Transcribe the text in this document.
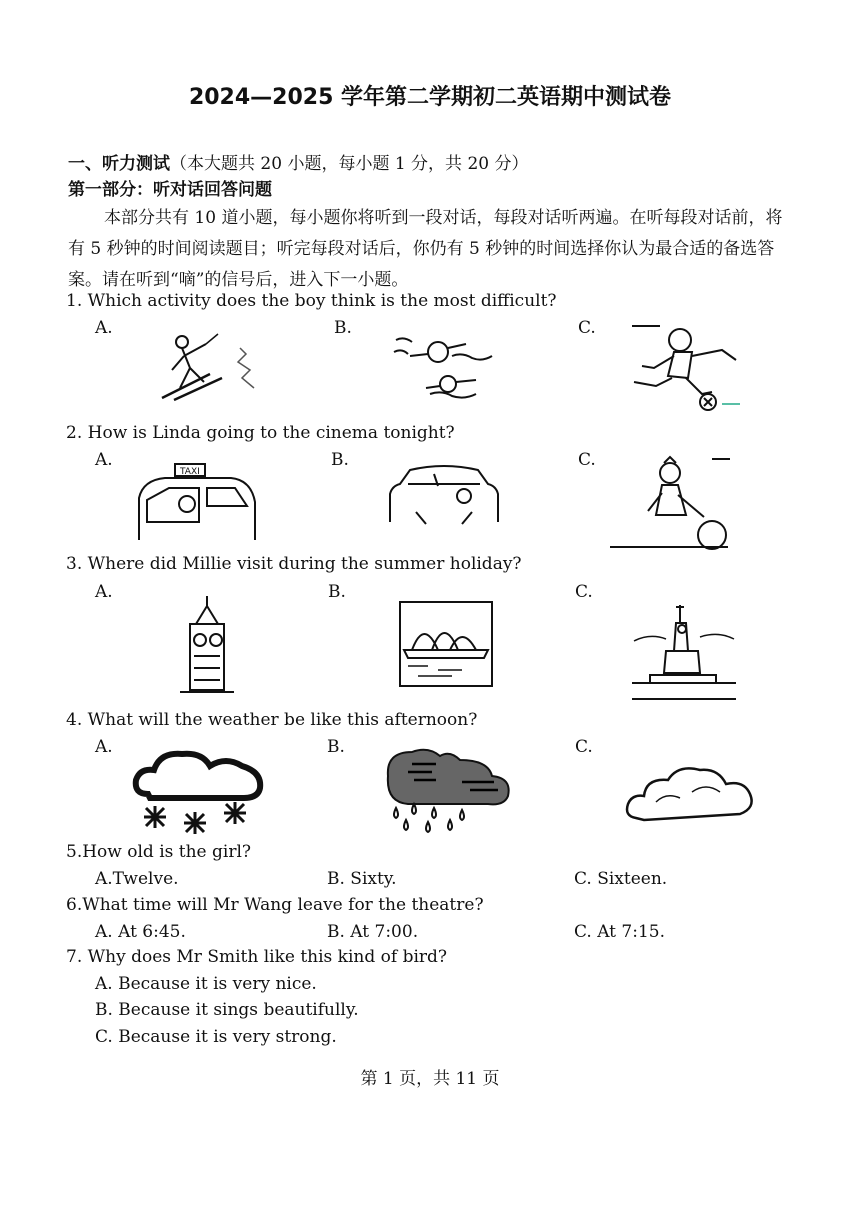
2024—2025 学年第二学期初二英语期中测试卷
一、听力测试（本大题共 20 小题，每小题 1 分，共 20 分）
第一部分：听对话回答问题
本部分共有 10 道小题，每小题你将听到一段对话，每段对话听两遍。在听每段对话前，将有 5 秒钟的时间阅读题目；听完每段对话后，你仍有 5 秒钟的时间选择你认为最合适的备选答案。请在听到“嘀”的信号后，进入下一小题。
1. Which activity does the boy think is the most difficult?
A.	B.	C.
2. How is Linda going to the cinema tonight?
A.	B.	C.
TAXI
3. Where did Millie visit during the summer holiday?
A.	B.	C.
4. What will the weather be like this afternoon?
A.	B.	C.
5.How old is the girl?
A.Twelve.	B. Sixty.	C. Sixteen.
6.What time will Mr Wang leave for the theatre?
A. At 6:45.	B. At 7:00.	C. At 7:15.
7. Why does Mr Smith like this kind of bird?
A. Because it is very nice.
B. Because it sings beautifully.
C. Because it is very strong.
第 1 页，共 11 页
